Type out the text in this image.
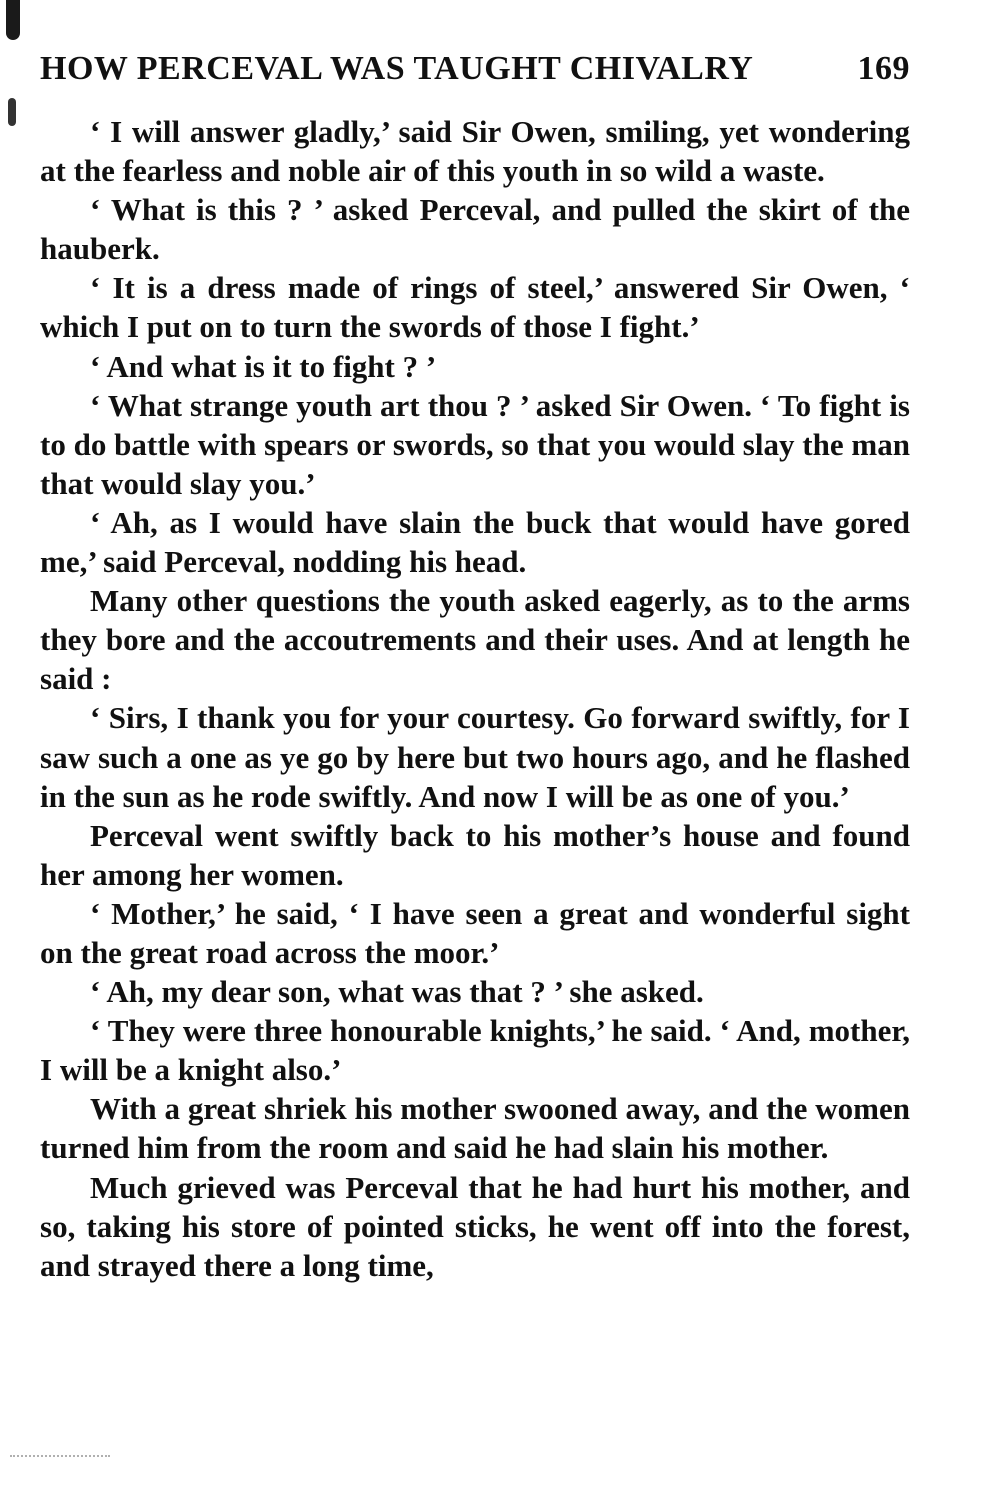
HOW PERCEVAL WAS TAUGHT CHIVALRY	169

‘ I will answer gladly,’ said Sir Owen, smiling, yet wondering at the fearless and noble air of this youth in so wild a waste.

‘ What is this ? ’ asked Perceval, and pulled the skirt of the hauberk.

‘ It is a dress made of rings of steel,’ answered Sir Owen, ‘ which I put on to turn the swords of those I fight.’

‘ And what is it to fight ? ’

‘ What strange youth art thou ? ’ asked Sir Owen. ‘ To fight is to do battle with spears or swords, so that you would slay the man that would slay you.’

‘ Ah, as I would have slain the buck that would have gored me,’ said Perceval, nodding his head.

Many other questions the youth asked eagerly, as to the arms they bore and the accoutrements and their uses. And at length he said :

‘ Sirs, I thank you for your courtesy. Go forward swiftly, for I saw such a one as ye go by here but two hours ago, and he flashed in the sun as he rode swiftly. And now I will be as one of you.’

Perceval went swiftly back to his mother’s house and found her among her women.

‘ Mother,’ he said, ‘ I have seen a great and wonderful sight on the great road across the moor.’

‘ Ah, my dear son, what was that ? ’ she asked.

‘ They were three honourable knights,’ he said. ‘ And, mother, I will be a knight also.’

With a great shriek his mother swooned away, and the women turned him from the room and said he had slain his mother.

Much grieved was Perceval that he had hurt his mother, and so, taking his store of pointed sticks, he went off into the forest, and strayed there a long time,
